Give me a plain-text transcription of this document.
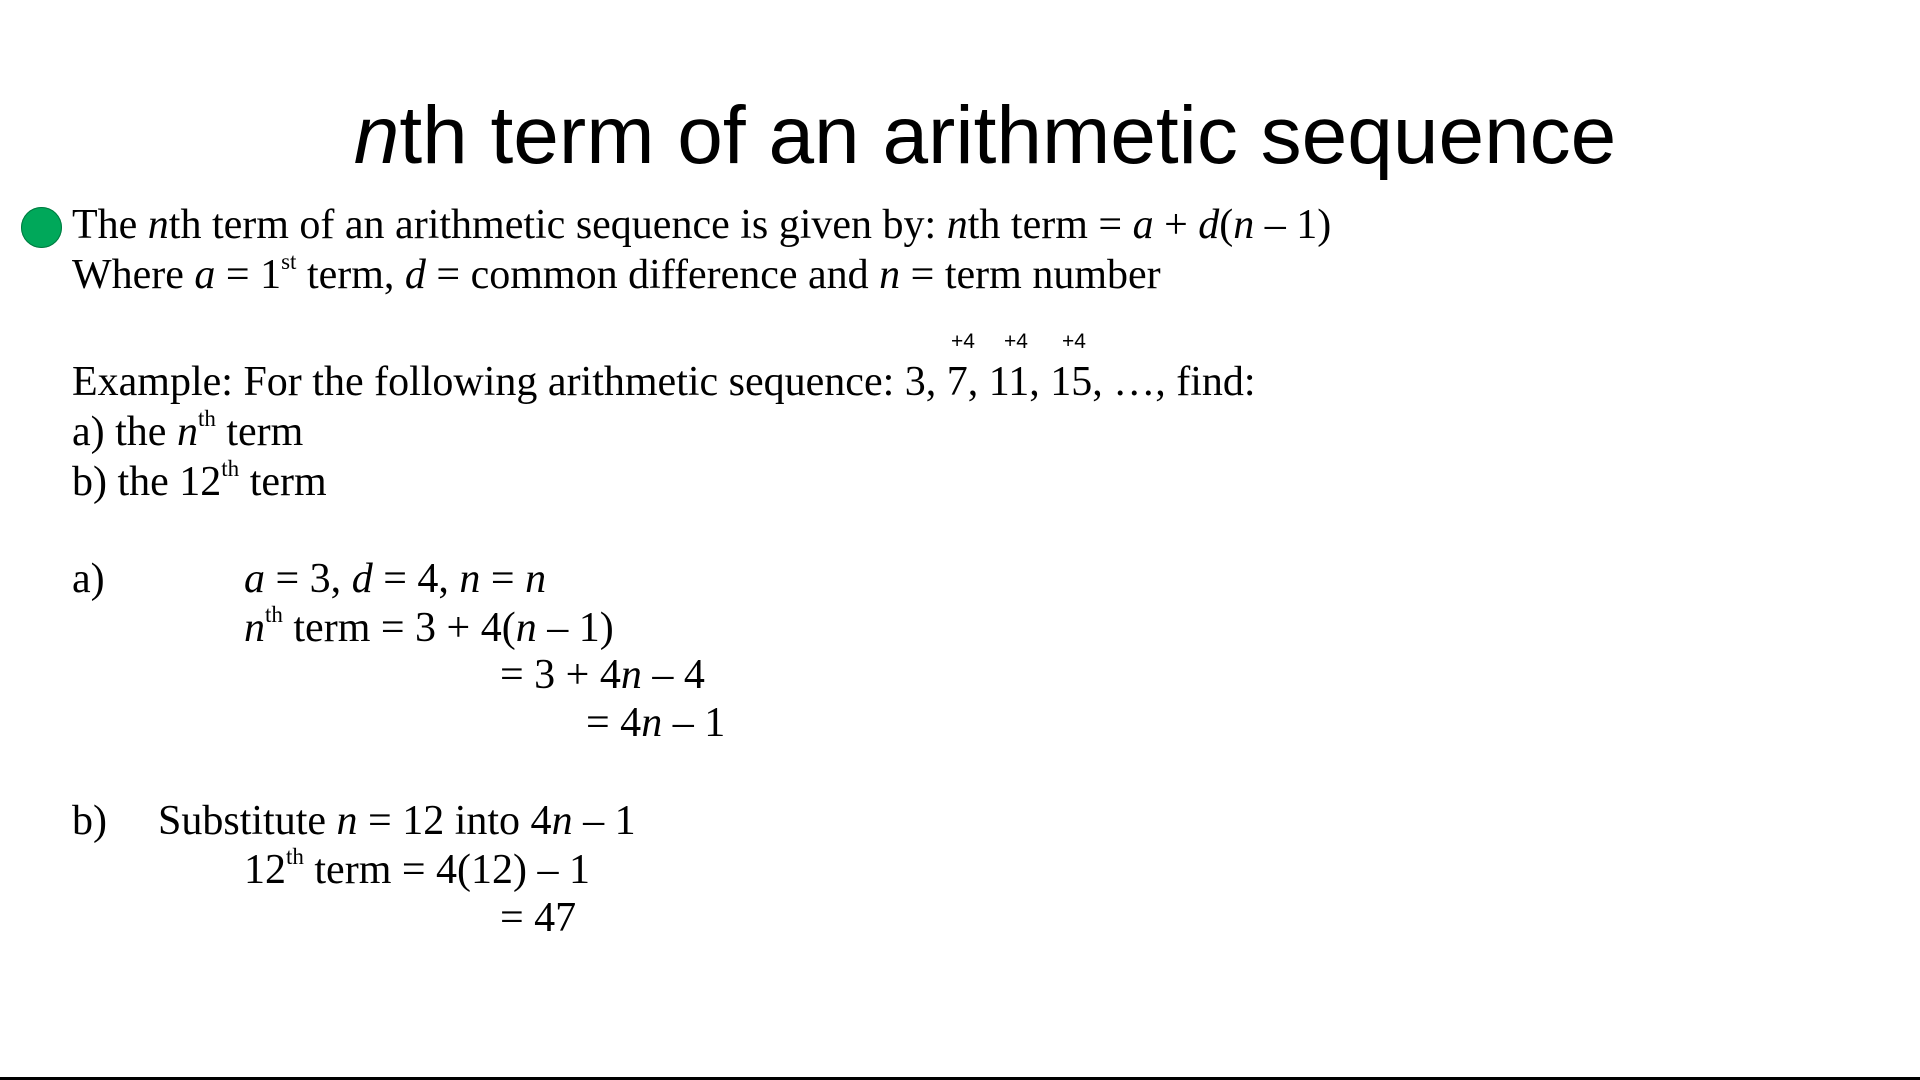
nth term of an arithmetic sequence
The nth term of an arithmetic sequence is given by: nth term = a + d(n – 1)
Where a = 1st term, d = common difference and n = term number
+4 +4 +4
Example: For the following arithmetic sequence: 3, 7, 11, 15, …, find:
a) the $n^{th}$ term
b) the 12th term
a)	a = 3, d = 4, n = n
$n^{th}$ term = 3 + 4(n – 1)
= 3 + 4n – 4
= 4n – 1
b) Substitute n = 12 into 4n – 1
12th term = 4(12) – 1
= 47
